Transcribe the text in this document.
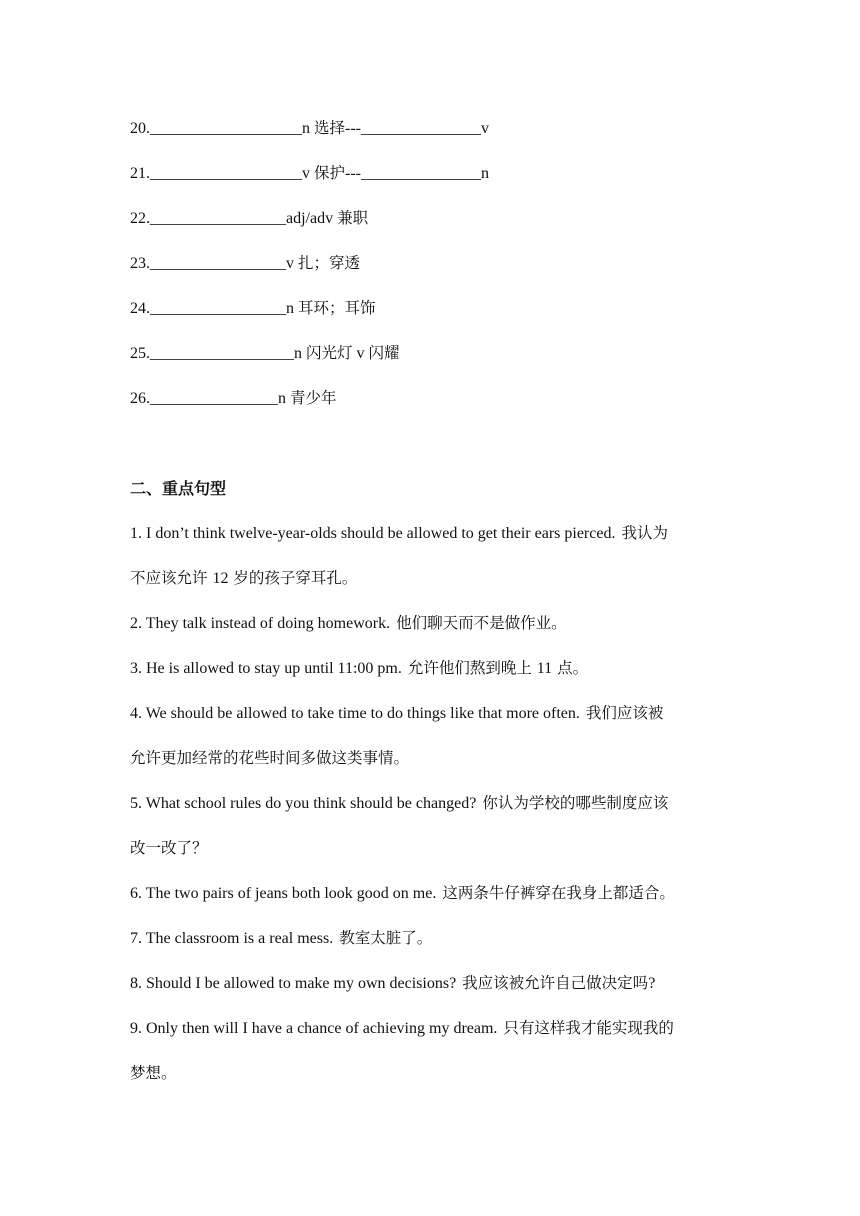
20.___________________n 选择---_______________v
21.___________________v 保护---_______________n
22._________________adj/adv 兼职
23._________________v 扎；穿透
24._________________n 耳环；耳饰
25.__________________n 闪光灯 v 闪耀
26.________________n 青少年
二、重点句型
1. I don’t think twelve-year-olds should be allowed to get their ears pierced. 我认为
不应该允许 12 岁的孩子穿耳孔。
2. They talk instead of doing homework. 他们聊天而不是做作业。
3. He is allowed to stay up until 11:00 pm. 允许他们熬到晚上 11 点。
4. We should be allowed to take time to do things like that more often. 我们应该被
允许更加经常的花些时间多做这类事情。
5. What school rules do you think should be changed? 你认为学校的哪些制度应该
改一改了？
6. The two pairs of jeans both look good on me. 这两条牛仔裤穿在我身上都适合。
7. The classroom is a real mess. 教室太脏了。
8. Should I be allowed to make my own decisions? 我应该被允许自己做决定吗?
9. Only then will I have a chance of achieving my dream. 只有这样我才能实现我的
梦想。
